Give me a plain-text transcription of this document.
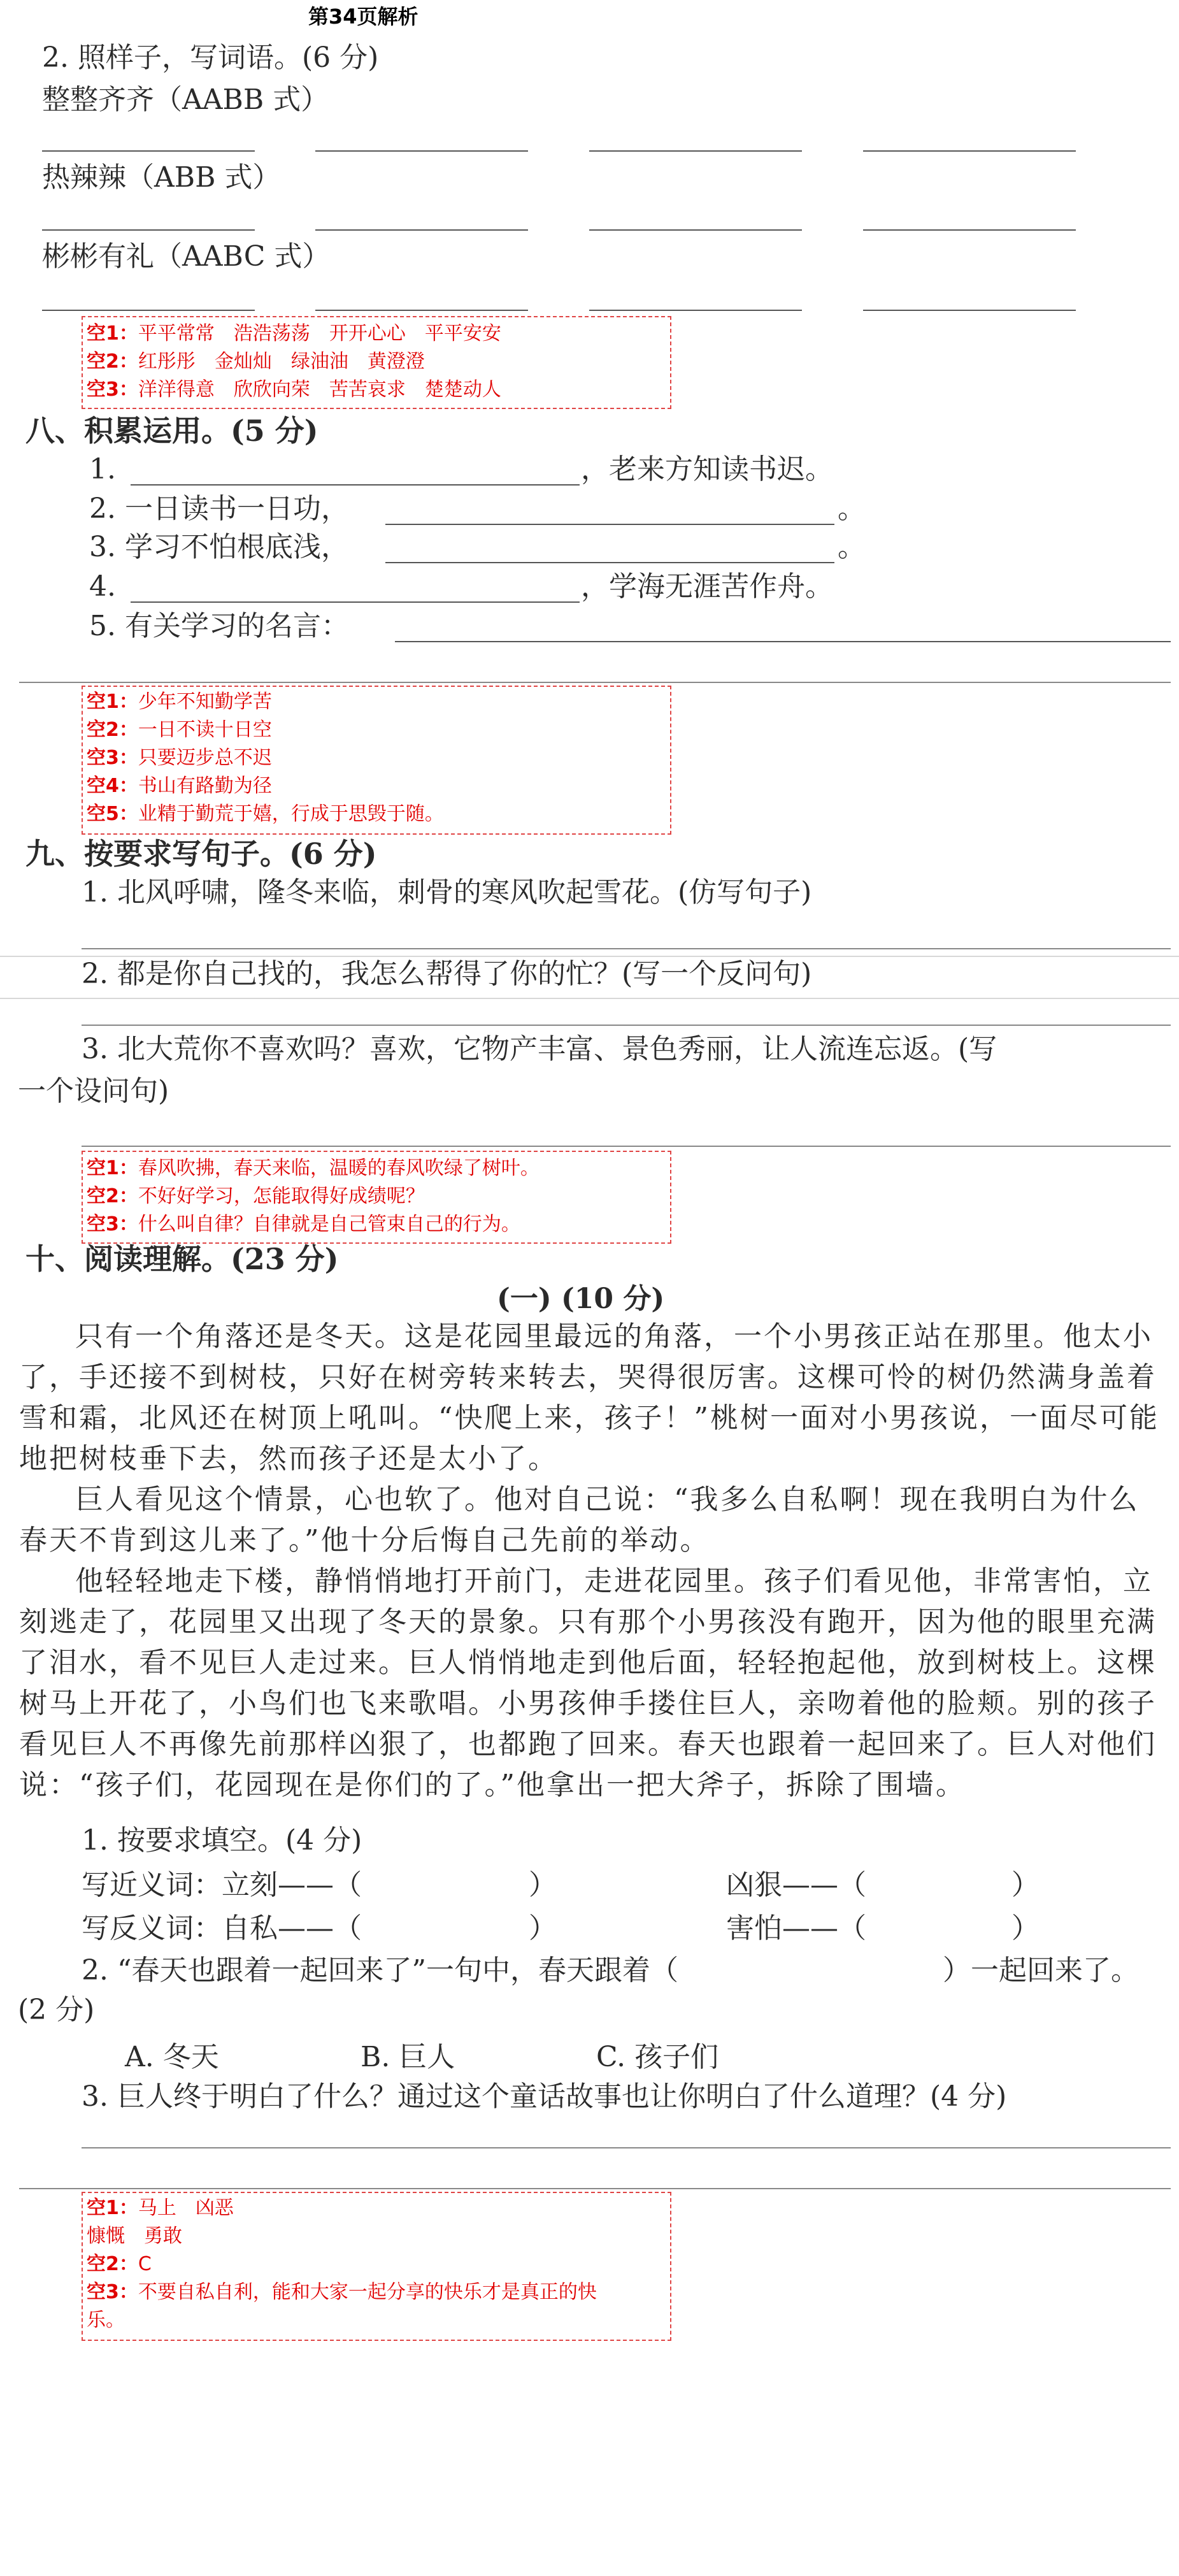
第34页解析
2. 照样子，写词语。(6 分)
整整齐齐（AABB 式）
热辣辣（ABB 式）
彬彬有礼（AABC 式）
空1：平平常常　浩浩荡荡　开开心心　平平安安
空2：红彤彤　金灿灿　绿油油　黄澄澄
空3：洋洋得意　欣欣向荣　苦苦哀求　楚楚动人
八、积累运用。(5 分)
1.	，老来方知读书迟。
2. 一日读书一日功，	。
3. 学习不怕根底浅，	。
4.	，学海无涯苦作舟。
5. 有关学习的名言：
空1：少年不知勤学苦
空2：一日不读十日空
空3：只要迈步总不迟
空4：书山有路勤为径
空5：业精于勤荒于嬉，行成于思毁于随。
九、按要求写句子。(6 分)
1. 北风呼啸，隆冬来临，刺骨的寒风吹起雪花。(仿写句子)
2. 都是你自己找的，我怎么帮得了你的忙？(写一个反问句)
3. 北大荒你不喜欢吗？喜欢，它物产丰富、景色秀丽，让人流连忘返。(写
一个设问句)
空1：春风吹拂，春天来临，温暖的春风吹绿了树叶。
空2：不好好学习，怎能取得好成绩呢？
空3：什么叫自律？自律就是自己管束自己的行为。
十、阅读理解。(23 分)
(一) (10 分)
只有一个角落还是冬天。这是花园里最远的角落，一个小男孩正站在那里。他太小了，手还接不到树枝，只好在树旁转来转去，哭得很厉害。这棵可怜的树仍然满身盖着雪和霜，北风还在树顶上吼叫。“快爬上来，孩子！”桃树一面对小男孩说，一面尽可能地把树枝垂下去，然而孩子还是太小了。
巨人看见这个情景，心也软了。他对自己说：“我多么自私啊！现在我明白为什么春天不肯到这儿来了。”他十分后悔自己先前的举动。
他轻轻地走下楼，静悄悄地打开前门，走进花园里。孩子们看见他，非常害怕，立刻逃走了，花园里又出现了冬天的景象。只有那个小男孩没有跑开，因为他的眼里充满了泪水，看不见巨人走过来。巨人悄悄地走到他后面，轻轻抱起他，放到树枝上。这棵树马上开花了，小鸟们也飞来歌唱。小男孩伸手搂住巨人，亲吻着他的脸颊。别的孩子看见巨人不再像先前那样凶狠了，也都跑了回来。春天也跟着一起回来了。巨人对他们说：“孩子们，花园现在是你们的了。”他拿出一把大斧子，拆除了围墙。
1. 按要求填空。(4 分)
写近义词：立刻——（	）	凶狠——（	）
写反义词：自私——（	）	害怕——（	）
2. “春天也跟着一起回来了”一句中，春天跟着（	）一起回来了。
(2 分)
A. 冬天	B. 巨人	C. 孩子们
3. 巨人终于明白了什么？通过这个童话故事也让你明白了什么道理？(4 分)
空1：马上　凶恶
慷慨　勇敢
空2：C
空3：不要自私自利，能和大家一起分享的快乐才是真正的快
乐。
